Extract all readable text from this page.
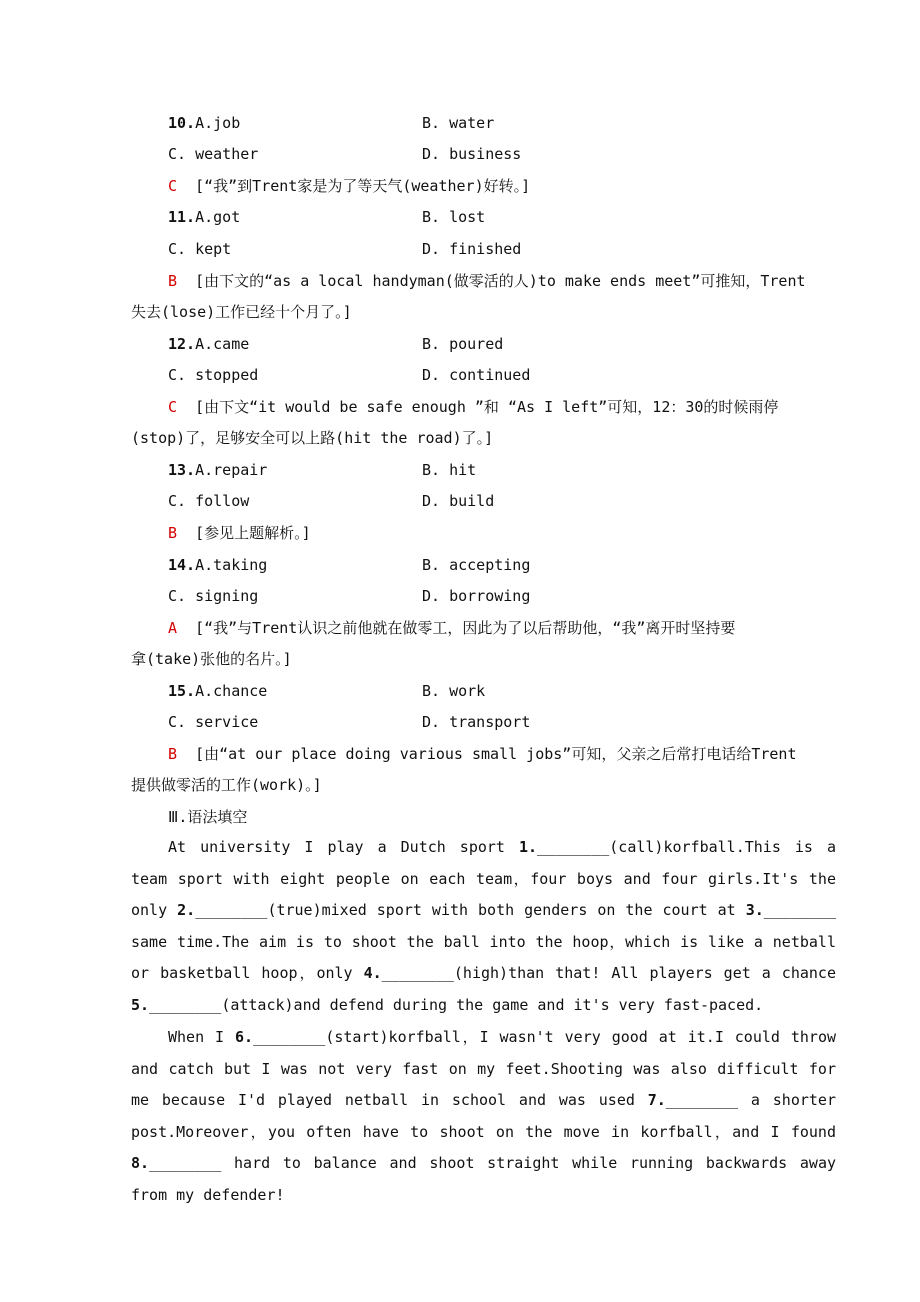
10.A.job	B. water
C. weather	D. business
C [“我”到Trent家是为了等天气(weather)好转。]
11.A.got	B. lost
C. kept	D. finished
B [由下文的“as a local handyman(做零活的人)to make ends meet”可推知，Trent
失去(lose)工作已经十个月了。]
12.A.came	B. poured
C. stopped	D. continued
C [由下文“it would be safe enough ”和 “As I left”可知，12：30的时候雨停
(stop)了，足够安全可以上路(hit the road)了。]
13.A.repair	B. hit
C. follow	D. build
B [参见上题解析。]
14.A.taking	B. accepting
C. signing	D. borrowing
A [“我”与Trent认识之前他就在做零工，因此为了以后帮助他，“我”离开时坚持要
拿(take)张他的名片。]
15.A.chance	B. work
C. service	D. transport
B [由“at our place doing various small jobs”可知，父亲之后常打电话给Trent
提供做零活的工作(work)。]
Ⅲ.语法填空
At university I play a Dutch sport 1.________(call)korfball.This is a team sport with eight people on each team，four boys and four girls.It's the only 2.________(true)mixed sport with both genders on the court at 3.________ same time.The aim is to shoot the ball into the hoop，which is like a netball or basketball hoop，only 4.________(high)than that! All players get a chance 5.________(attack)and defend during the game and it's very fast-paced.
When I 6.________(start)korfball，I wasn't very good at it.I could throw and catch but I was not very fast on my feet.Shooting was also difficult for me because I'd played netball in school and was used 7.________ a shorter post.Moreover，you often have to shoot on the move in korfball，and I found 8.________ hard to balance and shoot straight while running backwards away from my defender!
